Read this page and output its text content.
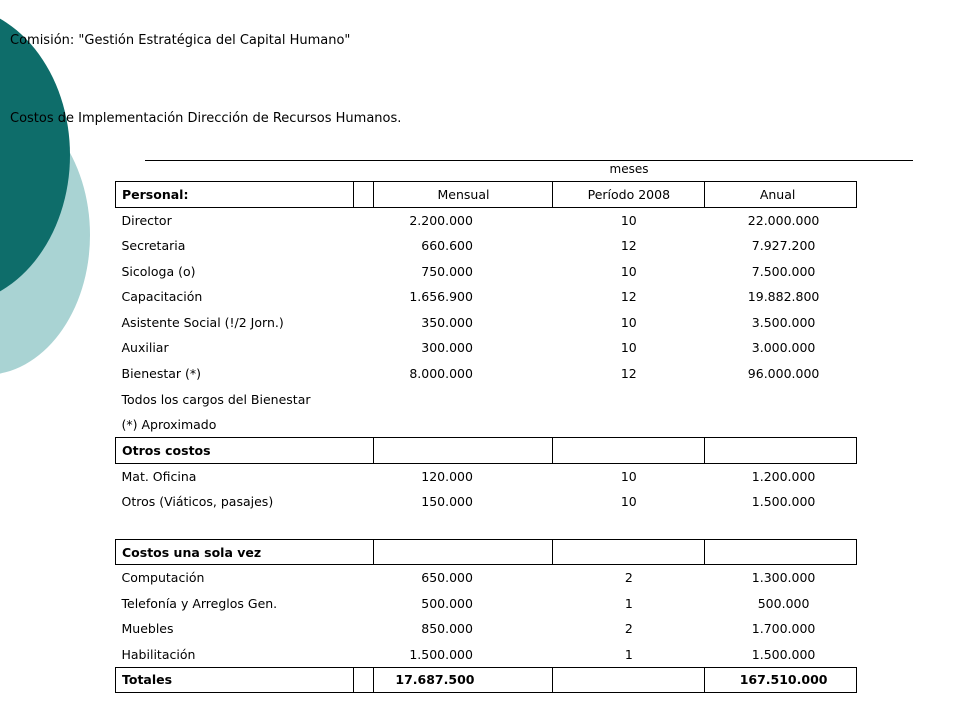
Comisión: "Gestión Estratégica del Capital Humano"
Costos de Implementación Dirección de Recursos Humanos.
meses
Personal:		Mensual	Período 2008	Anual
Director		2.200.000	10	22.000.000
Secretaria		660.600	12	7.927.200
Sicologa (o)		750.000	10	7.500.000
Capacitación		1.656.900	12	19.882.800
Asistente Social (!/2 Jorn.)		350.000	10	3.500.000
Auxiliar		300.000	10	3.000.000
Bienestar (*)		8.000.000	12	96.000.000
Todos los cargos del Bienestar				
(*) Aproximado				
Otros costos				
Mat. Oficina		120.000	10	1.200.000
Otros (Viáticos, pasajes)		150.000	10	1.500.000

Costos una sola vez				
Computación		650.000	2	1.300.000
Telefonía y Arreglos Gen.		500.000	1	500.000
Muebles		850.000	2	1.700.000
Habilitación		1.500.000	1	1.500.000
Totales		17.687.500		167.510.000
